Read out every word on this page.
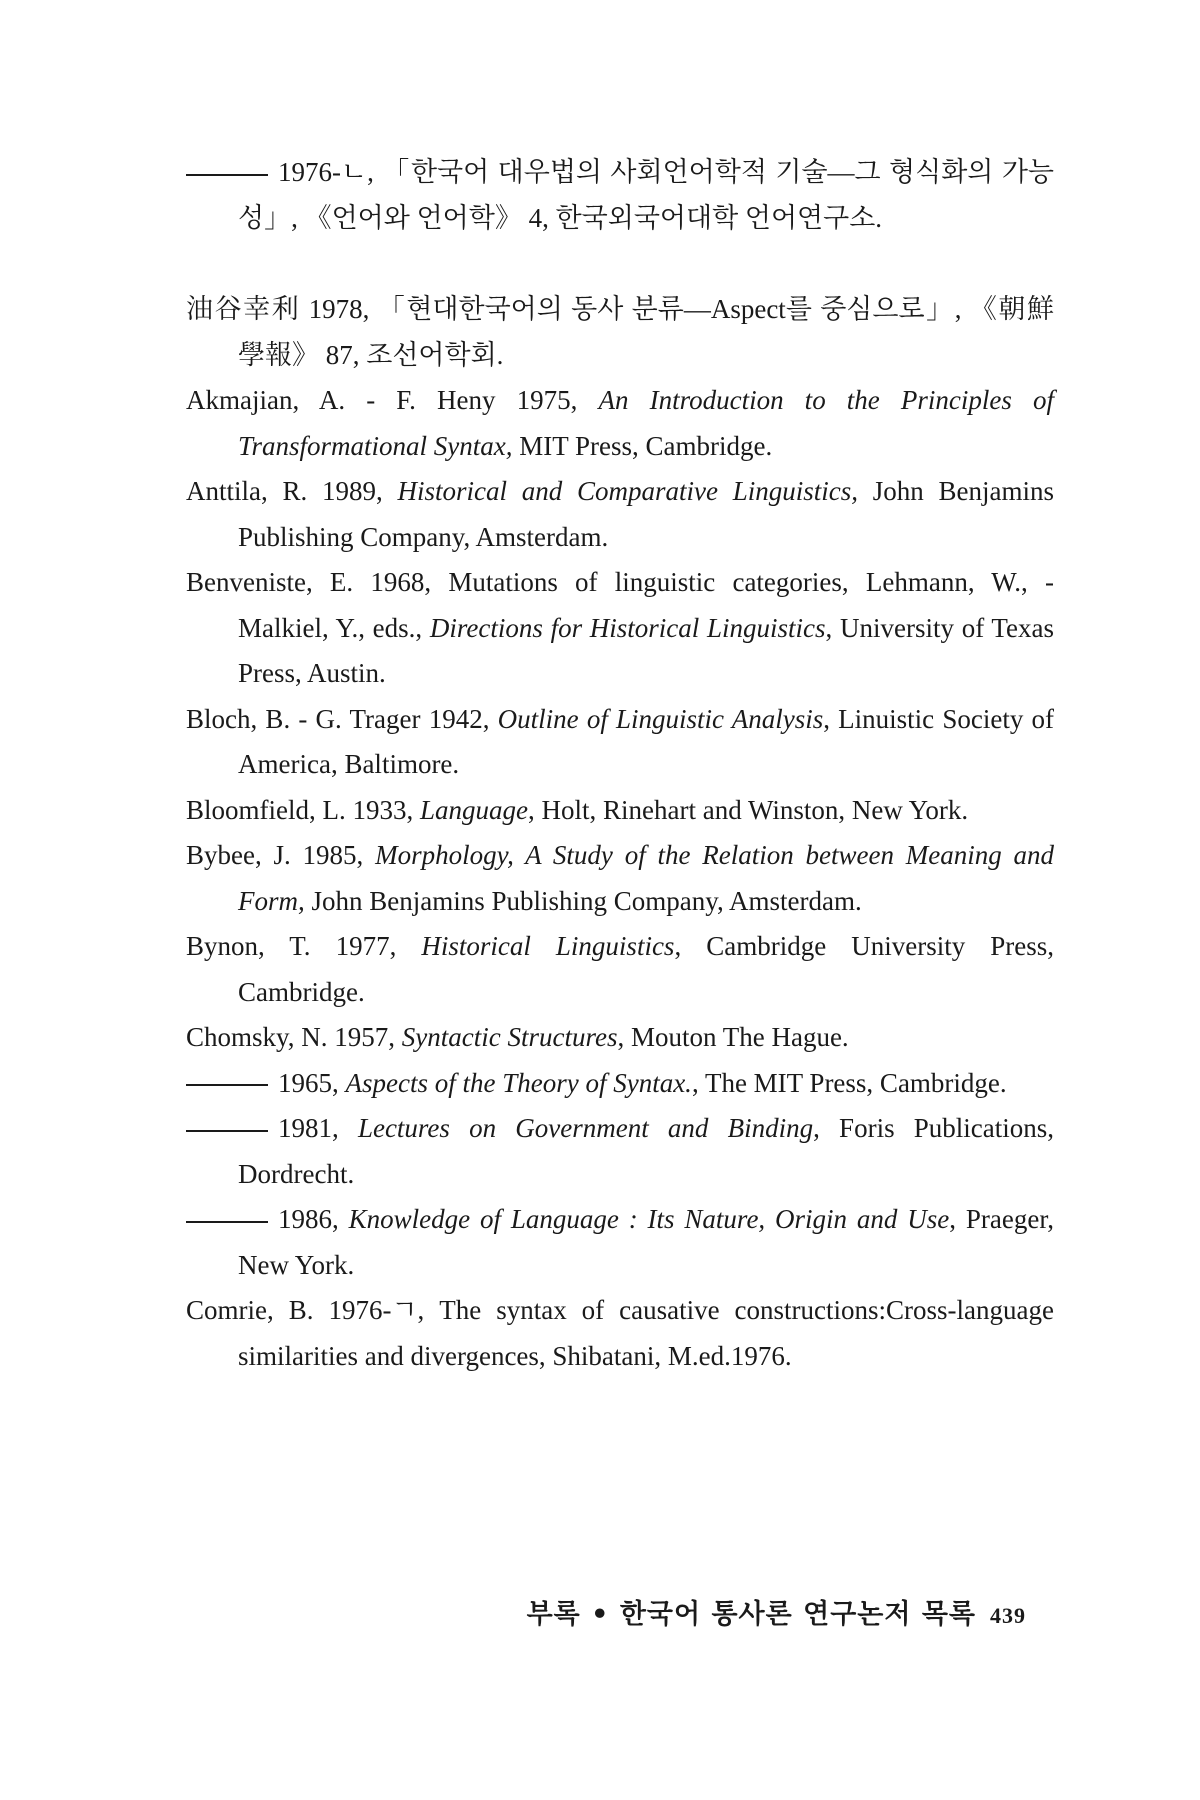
1976-ㄴ, 「한국어 대우법의 사회언어학적 기술—그 형식화의 가능성」, 《언어와 언어학》 4, 한국외국어대학 언어연구소.

油谷幸利 1978, 「현대한국어의 동사 분류—Aspect를 중심으로」, 《朝鮮學報》 87, 조선어학회.

Akmajian, A. - F. Heny 1975, An Introduction to the Principles of Transformational Syntax, MIT Press, Cambridge.

Anttila, R. 1989, Historical and Comparative Linguistics, John Benjamins Publishing Company, Amsterdam.

Benveniste, E. 1968, Mutations of linguistic categories, Lehmann, W., - Malkiel, Y., eds., Directions for Historical Linguistics, University of Texas Press, Austin.

Bloch, B. - G. Trager 1942, Outline of Linguistic Analysis, Linuistic Society of America, Baltimore.

Bloomfield, L. 1933, Language, Holt, Rinehart and Winston, New York.

Bybee, J. 1985, Morphology, A Study of the Relation between Meaning and Form, John Benjamins Publishing Company, Amsterdam.

Bynon, T. 1977, Historical Linguistics, Cambridge University Press, Cambridge.

Chomsky, N. 1957, Syntactic Structures, Mouton The Hague.

1965, Aspects of the Theory of Syntax., The MIT Press, Cambridge.

1981, Lectures on Government and Binding, Foris Publications, Dordrecht.

1986, Knowledge of Language : Its Nature, Origin and Use, Praeger, New York.

Comrie, B. 1976-ㄱ, The syntax of causative constructions:Cross-language similarities and divergences, Shibatani, M.ed.1976.

부록 • 한국어 통사론 연구논저 목록 439
